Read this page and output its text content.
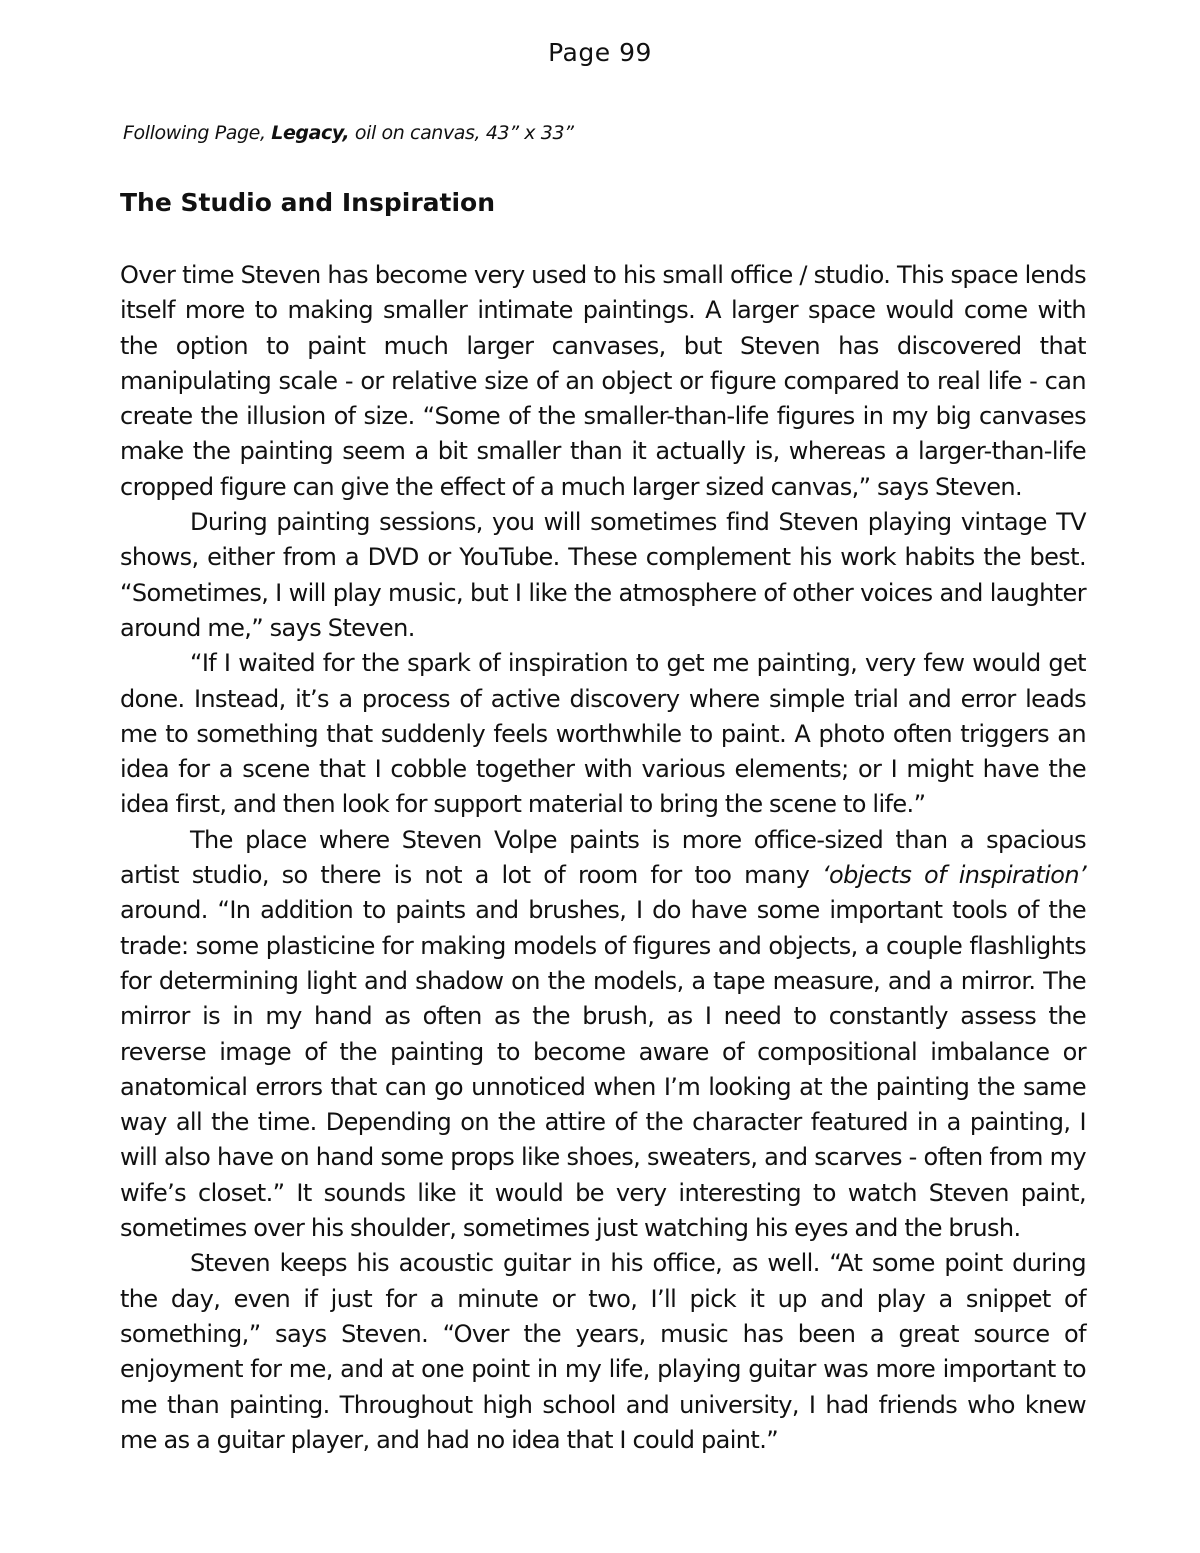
Page 99
Following Page, Legacy, oil on canvas, 43” x 33”
The Studio and Inspiration

Over time Steven has become very used to his small office / studio. This space lends itself more to making smaller intimate paintings. A larger space would come with the option to paint much larger canvases, but Steven has discovered that manipulating scale - or relative size of an object or figure compared to real life - can create the illusion of size. “Some of the smaller-than-life figures in my big canvases make the painting seem a bit smaller than it actually is, whereas a larger-than-life cropped figure can give the effect of a much larger sized canvas,” says Steven.

During painting sessions, you will sometimes find Steven playing vintage TV shows, either from a DVD or YouTube. These complement his work habits the best. “Sometimes, I will play music, but I like the atmosphere of other voices and laughter around me,” says Steven.

“If I waited for the spark of inspiration to get me painting, very few would get done. Instead, it’s a process of active discovery where simple trial and error leads me to something that suddenly feels worthwhile to paint. A photo often triggers an idea for a scene that I cobble together with various elements; or I might have the idea first, and then look for support material to bring the scene to life.”

The place where Steven Volpe paints is more office-sized than a spacious artist studio, so there is not a lot of room for too many ‘objects of inspiration’ around. “In addition to paints and brushes, I do have some important tools of the trade: some plasticine for making models of figures and objects, a couple flashlights for determining light and shadow on the models, a tape measure, and a mirror. The mirror is in my hand as often as the brush, as I need to constantly assess the reverse image of the painting to become aware of compositional imbalance or anatomical errors that can go unnoticed when I’m looking at the painting the same way all the time. Depending on the attire of the character featured in a painting, I will also have on hand some props like shoes, sweaters, and scarves - often from my wife’s closet.” It sounds like it would be very interesting to watch Steven paint, sometimes over his shoulder, sometimes just watching his eyes and the brush.

Steven keeps his acoustic guitar in his office, as well. “At some point during the day, even if just for a minute or two, I’ll pick it up and play a snippet of something,” says Steven. “Over the years, music has been a great source of enjoyment for me, and at one point in my life, playing guitar was more important to me than painting. Throughout high school and university, I had friends who knew me as a guitar player, and had no idea that I could paint.”
